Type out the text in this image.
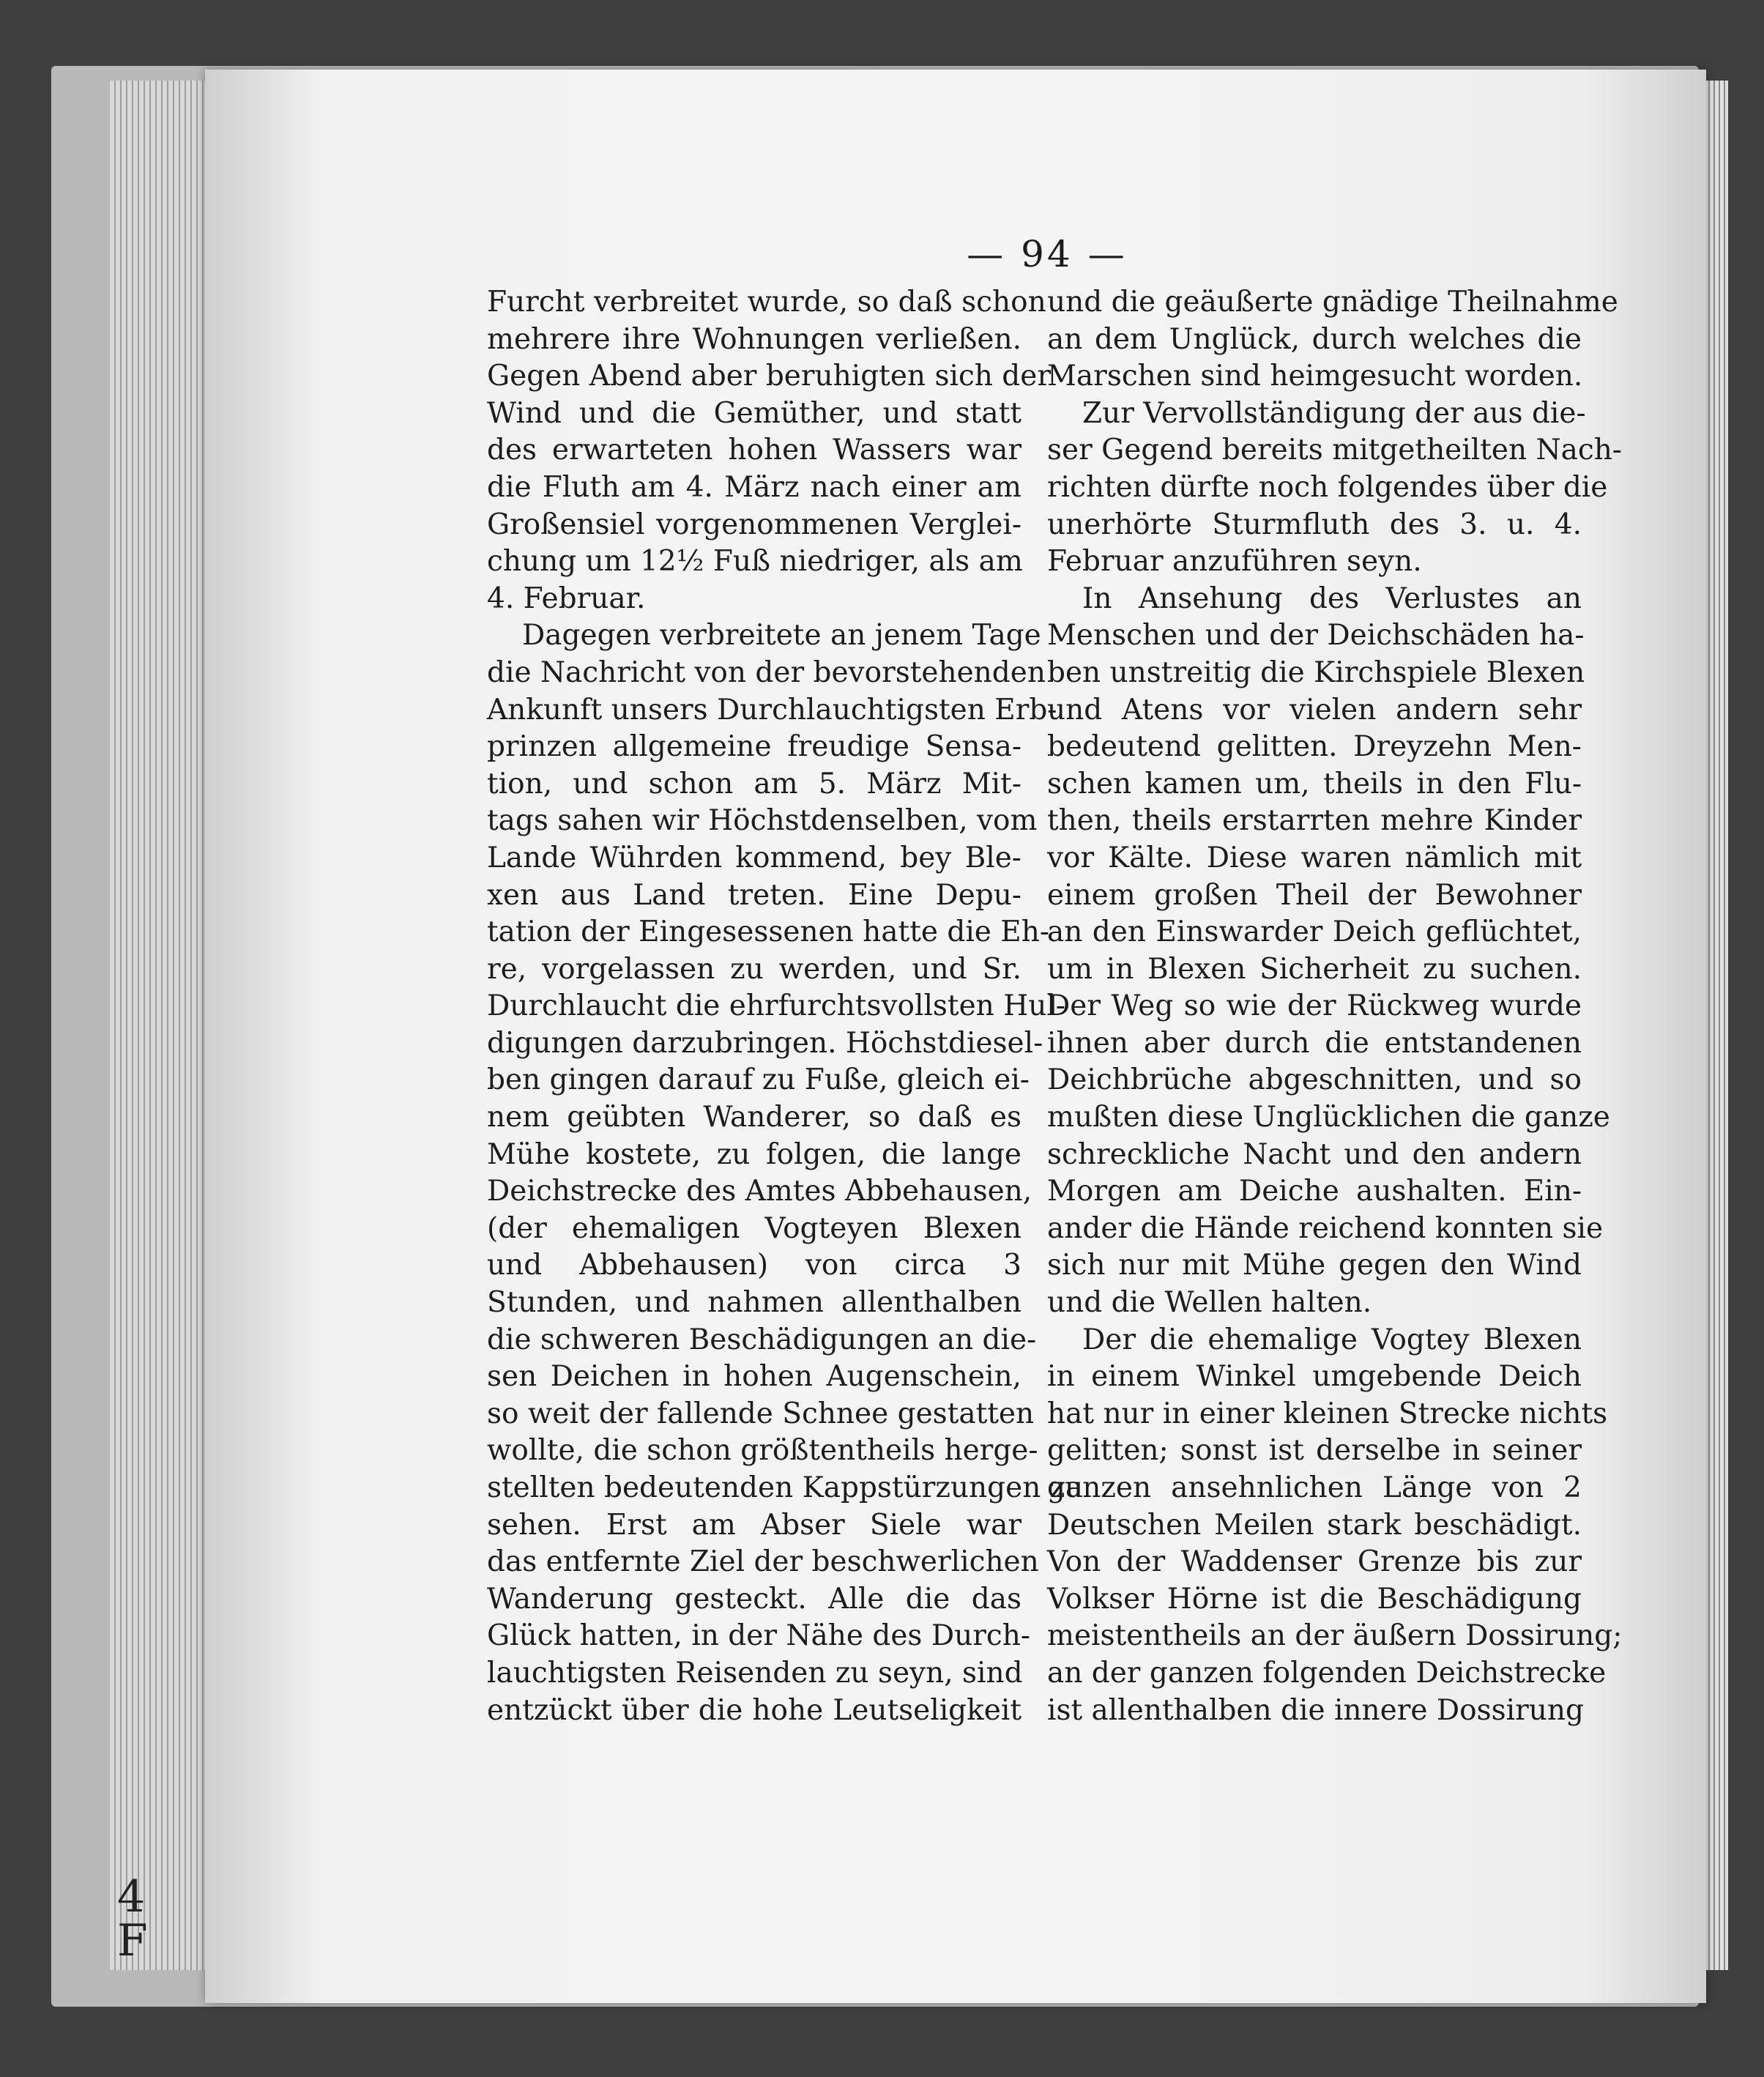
4
F
— 94 —
Furcht verbreitet wurde, so daß schon
mehrere ihre Wohnungen verließen.
Gegen Abend aber beruhigten sich der
Wind und die Gemüther, und statt
des erwarteten hohen Wassers war
die Fluth am 4. März nach einer am
Großensiel vorgenommenen Verglei-
chung um 12½ Fuß niedriger, als am
4. Februar.
Dagegen verbreitete an jenem Tage
die Nachricht von der bevorstehenden
Ankunft unsers Durchlauchtigsten Erb-
prinzen allgemeine freudige Sensa-
tion, und schon am 5. März Mit-
tags sahen wir Höchstdenselben, vom
Lande Wührden kommend, bey Ble-
xen aus Land treten. Eine Depu-
tation der Eingesessenen hatte die Eh-
re, vorgelassen zu werden, und Sr.
Durchlaucht die ehrfurchtsvollsten Hul-
digungen darzubringen. Höchstdiesel-
ben gingen darauf zu Fuße, gleich ei-
nem geübten Wanderer, so daß es
Mühe kostete, zu folgen, die lange
Deichstrecke des Amtes Abbehausen,
(der ehemaligen Vogteyen Blexen
und Abbehausen) von circa 3
Stunden, und nahmen allenthalben
die schweren Beschädigungen an die-
sen Deichen in hohen Augenschein,
so weit der fallende Schnee gestatten
wollte, die schon größtentheils herge-
stellten bedeutenden Kappstürzungen zu
sehen. Erst am Abser Siele war
das entfernte Ziel der beschwerlichen
Wanderung gesteckt. Alle die das
Glück hatten, in der Nähe des Durch-
lauchtigsten Reisenden zu seyn, sind
entzückt über die hohe Leutseligkeit
und die geäußerte gnädige Theilnahme
an dem Unglück, durch welches die
Marschen sind heimgesucht worden.
Zur Vervollständigung der aus die-
ser Gegend bereits mitgetheilten Nach-
richten dürfte noch folgendes über die
unerhörte Sturmfluth des 3. u. 4.
Februar anzuführen seyn.
In Ansehung des Verlustes an
Menschen und der Deichschäden ha-
ben unstreitig die Kirchspiele Blexen
und Atens vor vielen andern sehr
bedeutend gelitten. Dreyzehn Men-
schen kamen um, theils in den Flu-
then, theils erstarrten mehre Kinder
vor Kälte. Diese waren nämlich mit
einem großen Theil der Bewohner
an den Einswarder Deich geflüchtet,
um in Blexen Sicherheit zu suchen.
Der Weg so wie der Rückweg wurde
ihnen aber durch die entstandenen
Deichbrüche abgeschnitten, und so
mußten diese Unglücklichen die ganze
schreckliche Nacht und den andern
Morgen am Deiche aushalten. Ein-
ander die Hände reichend konnten sie
sich nur mit Mühe gegen den Wind
und die Wellen halten.
Der die ehemalige Vogtey Blexen
in einem Winkel umgebende Deich
hat nur in einer kleinen Strecke nichts
gelitten; sonst ist derselbe in seiner
ganzen ansehnlichen Länge von 2
Deutschen Meilen stark beschädigt.
Von der Waddenser Grenze bis zur
Volkser Hörne ist die Beschädigung
meistentheils an der äußern Dossirung;
an der ganzen folgenden Deichstrecke
ist allenthalben die innere Dossirung
